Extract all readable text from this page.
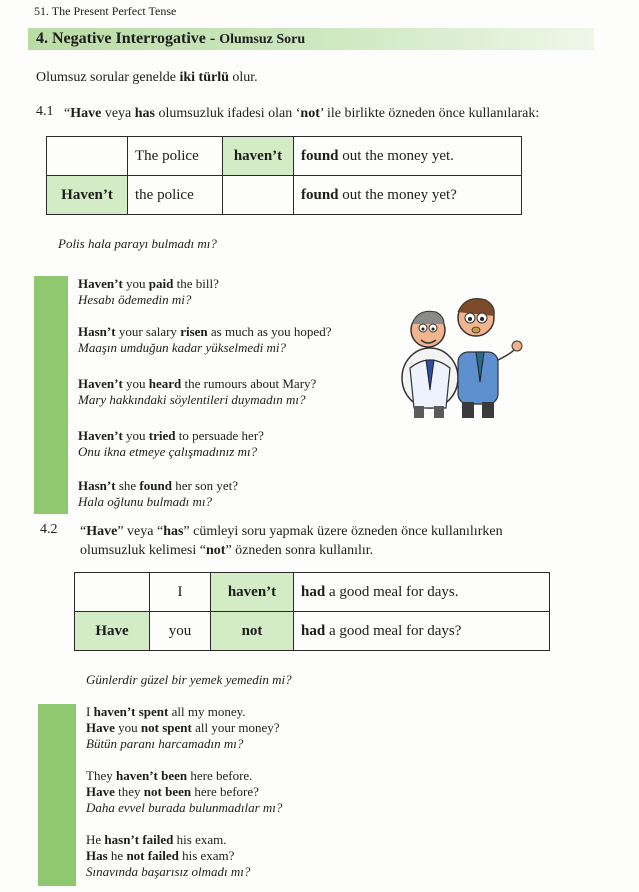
51. The Present Perfect Tense
4. Negative Interrogative - Olumsuz Soru
Olumsuz sorular genelde iki türlü olur.
4.1 “Have veya has olumsuzluk ifadesi olan ‘not’ ile birlikte özneden önce kullanılarak:
	The police	haven’t	found out the money yet.
Haven’t	the police		found out the money yet?
Polis hala parayı bulmadı mı?
Haven’t you paid the bill?
Hesabı ödemedin mi?
Hasn’t your salary risen as much as you hoped?
Maaşın umduğun kadar yükselmedi mi?
Haven’t you heard the rumours about Mary?
Mary hakkındaki söylentileri duymadın mı?
Haven’t you tried to persuade her?
Onu ikna etmeye çalışmadınız mı?
Hasn’t she found her son yet?
Hala oğlunu bulmadı mı?
4.2 “Have” veya “has” cümleyi soru yapmak üzere özneden önce kullanılırken olumsuzluk kelimesi “not” özneden sonra kullanılır.
	I	haven’t	had a good meal for days.
Have	you	not	had a good meal for days?
Günlerdir güzel bir yemek yemedin mi?
I haven’t spent all my money.
Have you not spent all your money?
Bütün paranı harcamadın mı?
They haven’t been here before.
Have they not been here before?
Daha evvel burada bulunmadılar mı?
He hasn’t failed his exam.
Has he not failed his exam?
Sınavında başarısız olmadı mı?
